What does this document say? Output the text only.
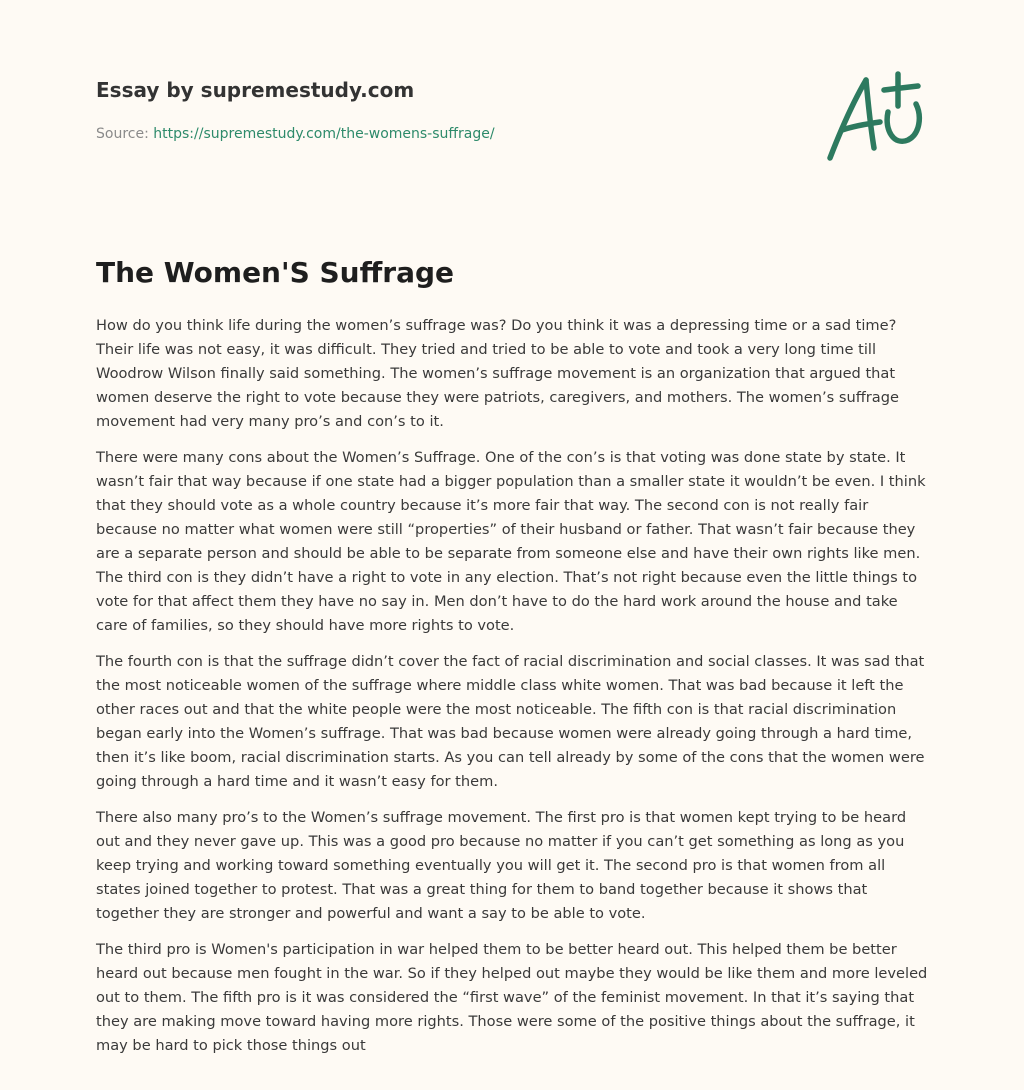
Essay by supremestudy.com
Source: https://supremestudy.com/the-womens-suffrage/
The Women'S Suffrage

How do you think life during the women’s suffrage was? Do you think it was a depressing time or a sad time? Their life was not easy, it was difficult. They tried and tried to be able to vote and took a very long time till Woodrow Wilson finally said something. The women’s suffrage movement is an organization that argued that women deserve the right to vote because they were patriots, caregivers, and mothers. The women’s suffrage movement had very many pro’s and con’s to it.

There were many cons about the Women’s Suffrage. One of the con’s is that voting was done state by state. It wasn’t fair that way because if one state had a bigger population than a smaller state it wouldn’t be even. I think that they should vote as a whole country because it’s more fair that way. The second con is not really fair because no matter what women were still “properties” of their husband or father. That wasn’t fair because they are a separate person and should be able to be separate from someone else and have their own rights like men. The third con is they didn’t have a right to vote in any election. That’s not right because even the little things to vote for that affect them they have no say in. Men don’t have to do the hard work around the house and take care of families, so they should have more rights to vote.

The fourth con is that the suffrage didn’t cover the fact of racial discrimination and social classes. It was sad that the most noticeable women of the suffrage where middle class white women. That was bad because it left the other races out and that the white people were the most noticeable. The fifth con is that racial discrimination began early into the Women’s suffrage. That was bad because women were already going through a hard time, then it’s like boom, racial discrimination starts. As you can tell already by some of the cons that the women were going through a hard time and it wasn’t easy for them.

There also many pro’s to the Women’s suffrage movement. The first pro is that women kept trying to be heard out and they never gave up. This was a good pro because no matter if you can’t get something as long as you keep trying and working toward something eventually you will get it. The second pro is that women from all states joined together to protest. That was a great thing for them to band together because it shows that together they are stronger and powerful and want a say to be able to vote.

The third pro is Women's participation in war helped them to be better heard out. This helped them be better heard out because men fought in the war. So if they helped out maybe they would be like them and more leveled out to them. The fifth pro is it was considered the “first wave” of the feminist movement. In that it’s saying that they are making move toward having more rights. Those were some of the positive things about the suffrage, it may be hard to pick those things out
